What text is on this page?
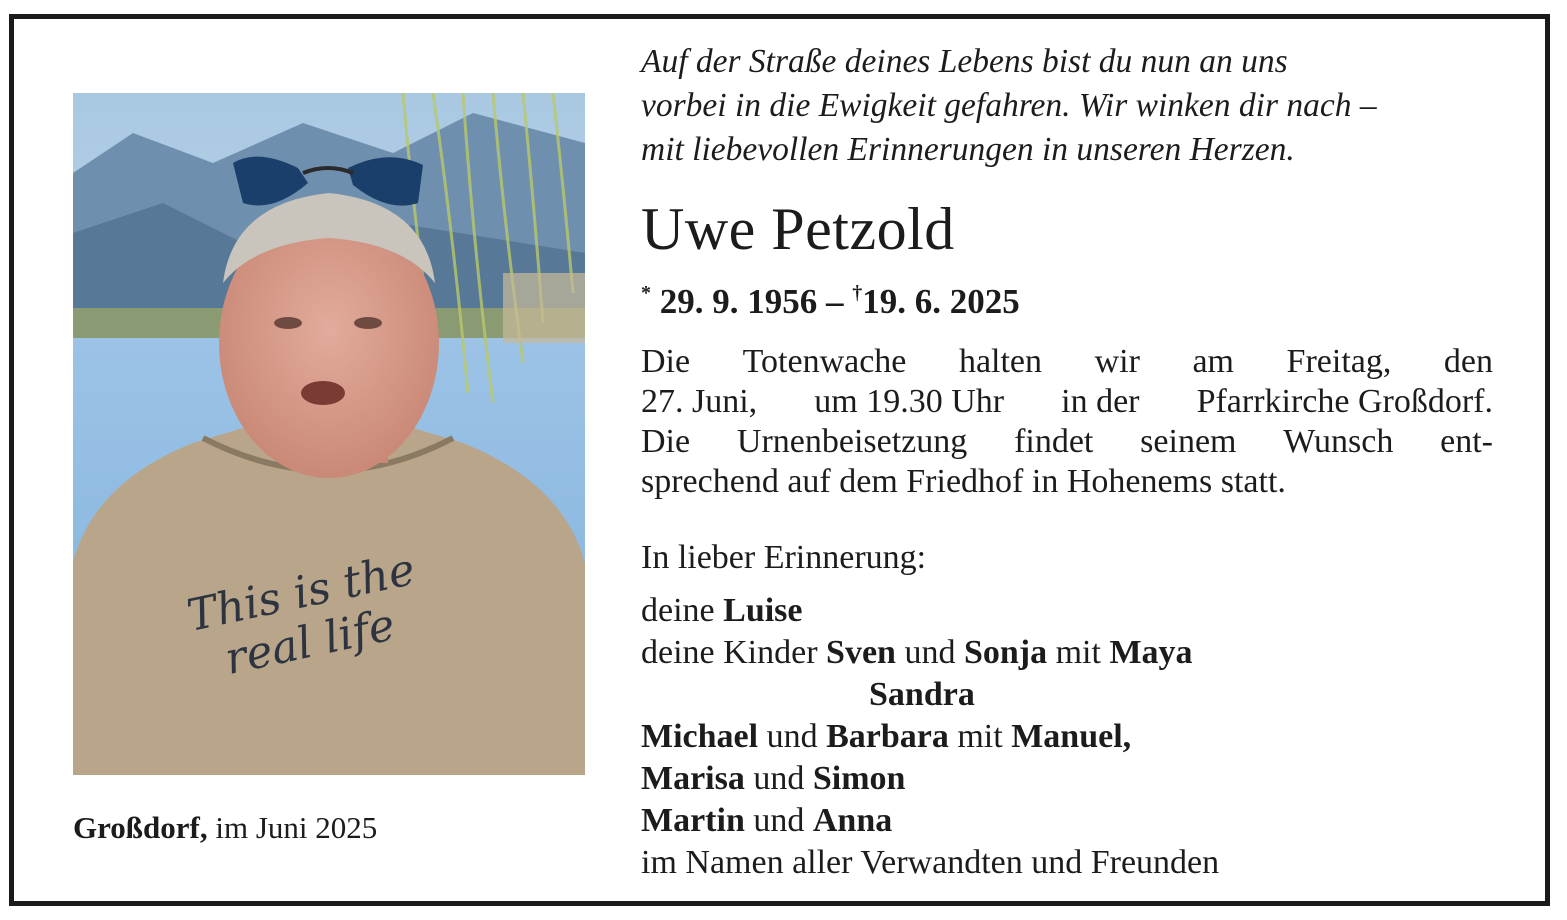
This is the
real life
Großdorf, im Juni 2025
Auf der Straße deines Lebens bist du nun an uns
vorbei in die Ewigkeit gefahren. Wir winken dir nach –
mit liebevollen Erinnerungen in unseren Herzen.
Uwe Petzold
* 29. 9. 1956 – †19. 6. 2025
Die Totenwache halten wir am Freitag, den
27. Juni, um 19.30 Uhr in der Pfarrkirche Großdorf.
Die Urnenbeisetzung findet seinem Wunsch ent-
sprechend auf dem Friedhof in Hohenems statt.
In lieber Erinnerung:
deine Luise
deine Kinder Sven und Sonja mit Maya
Sandra
Michael und Barbara mit Manuel,
Marisa und Simon
Martin und Anna
im Namen aller Verwandten und Freunden
